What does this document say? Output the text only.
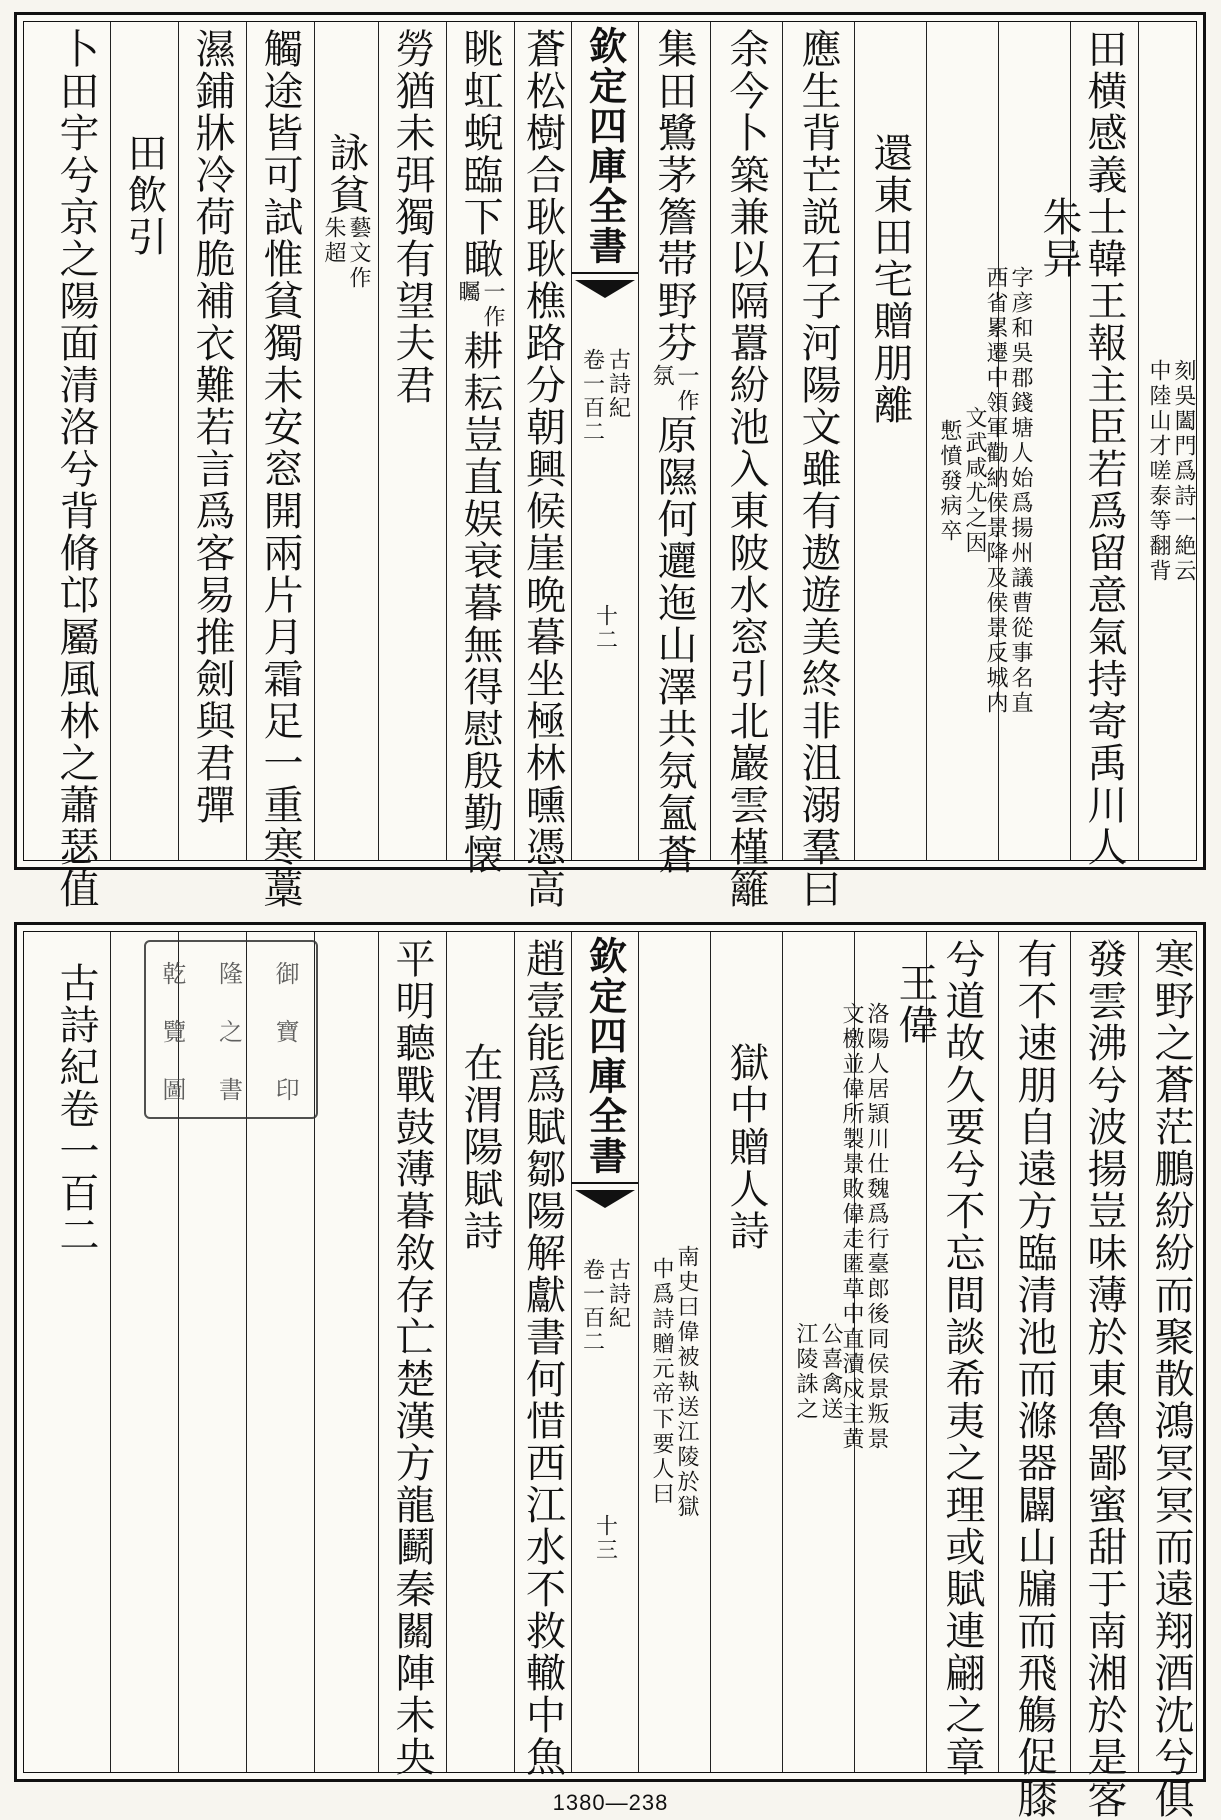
田横感義士韓王報主臣若爲留意氣持寄禹川人 中陸山才嗟泰等翻背 刻吳闔門爲詩一絶云
朱异
字彦和吳郡錢塘人始爲揚州議曹從事名直
西省累遷中領軍勸納侯景降及侯景反城内
文武咸尤之因
慙憤發病卒
還東田宅贈朋離
應生背芒説石子河陽文雖有遨遊美終非沮溺羣曰
余今卜築兼以隔囂紛池入東陂水窓引北巖雲槿籬
集田鷺茅簷帯野芬
一作
氛
原隰何邐迤山澤共氛氳蒼
欽定四庫全書
古詩紀
卷一百二
十二
蒼松樹合耿耿樵路分朝興候崖晩暮坐極林曛憑高
眺虹蜺臨下瞰
一作
矚
耕耘豈直娱衰暮無得慰殷勤懐
勞猶未弭獨有望夫君
詠貧
藝文作
朱超
觸途皆可試惟貧獨未安窓開兩片月霜足一重寒藁
濕鋪牀冷荷脆補衣難若言爲客易推劍與君彈
田飲引
卜田宇兮京之陽面清洛兮背脩邙屬風林之蕭瑟值
寒野之蒼茫鵬紛紛而聚散鴻冥冥而遠翔酒沈兮俱
發雲沸兮波揚豈味薄於東魯鄙蜜甜于南湘於是客
有不速朋自遠方臨清池而滌器闢山牖而飛觴促膝
兮道故久要兮不忘間談希夷之理或賦連翩之章
王偉
洛陽人居頴川仕魏爲行臺郎後同侯景叛景
文檄並偉所製景敗偉走匿草中直瀆戍主黄
公喜禽送
江陵誅之
獄中贈人詩
南史曰偉被執送江陵於獄
中爲詩贈元帝下要人曰
欽定四庫全書
古詩紀
卷一百二
十三
趙壹能爲賦鄒陽解獻書何惜西江水不救轍中魚
在渭陽賦詩
平明聽戰鼓薄暮敘存亡楚漢方龍鬬秦關陣未央
乾 隆 御
覽 之 寶
圖 書 印
古詩紀卷一百二
1380—238
